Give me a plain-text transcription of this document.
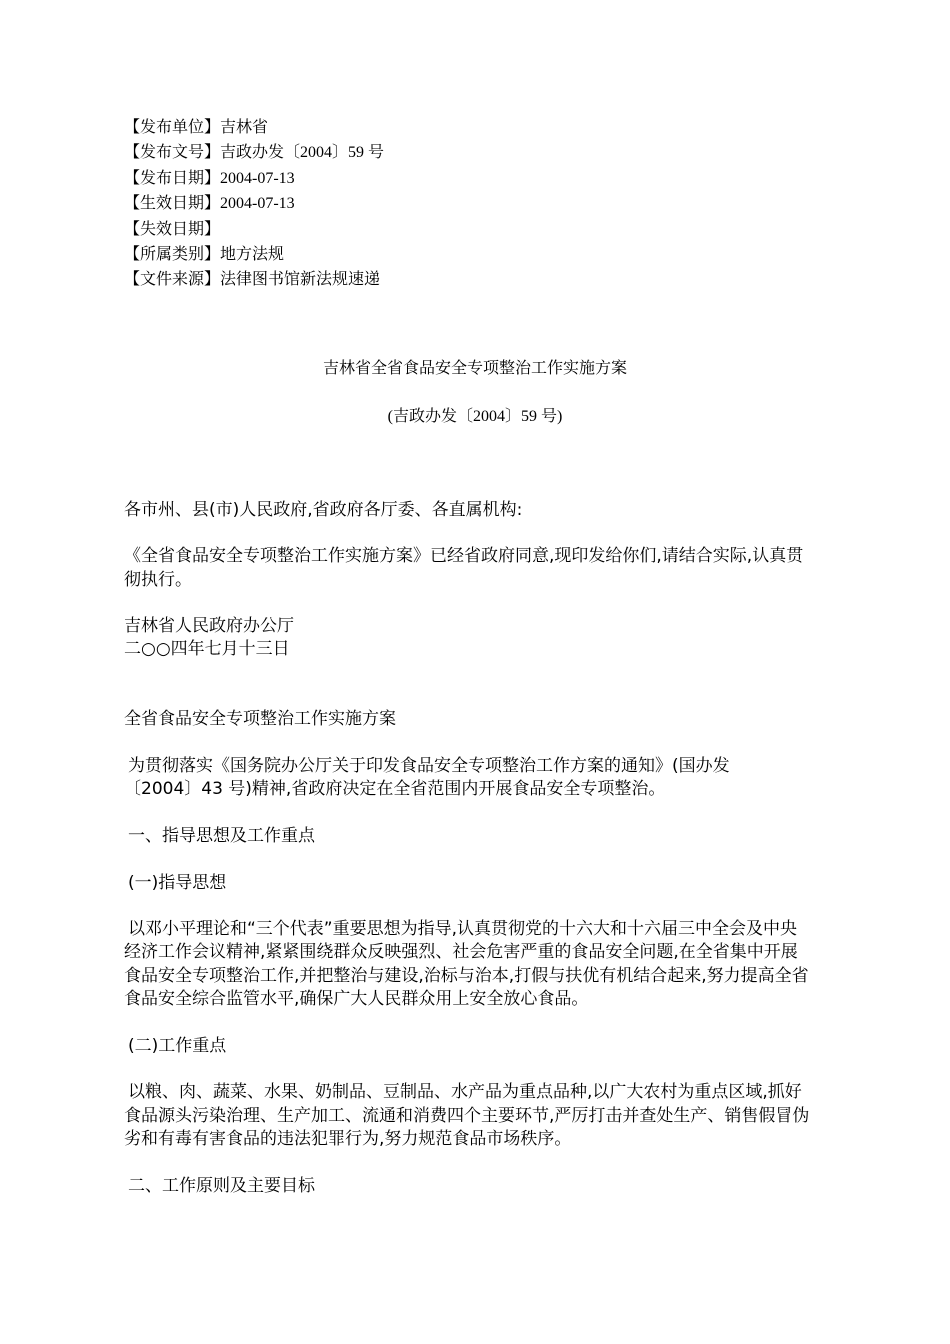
【发布单位】吉林省
【发布文号】吉政办发〔2004〕59 号
【发布日期】2004-07-13
【生效日期】2004-07-13
【失效日期】
【所属类别】地方法规
【文件来源】法律图书馆新法规速递
吉林省全省食品安全专项整治工作实施方案
(吉政办发〔2004〕59 号)
各市州、县(市)人民政府,省政府各厅委、各直属机构:
《全省食品安全专项整治工作实施方案》已经省政府同意,现印发给你们,请结合实际,认真贯
彻执行。
吉林省人民政府办公厅
二○○四年七月十三日
全省食品安全专项整治工作实施方案
为贯彻落实《国务院办公厅关于印发食品安全专项整治工作方案的通知》(国办发
〔2004〕43 号)精神,省政府决定在全省范围内开展食品安全专项整治。
一、指导思想及工作重点
(一)指导思想
以邓小平理论和“三个代表”重要思想为指导,认真贯彻党的十六大和十六届三中全会及中央
经济工作会议精神,紧紧围绕群众反映强烈、社会危害严重的食品安全问题,在全省集中开展
食品安全专项整治工作,并把整治与建设,治标与治本,打假与扶优有机结合起来,努力提高全省
食品安全综合监管水平,确保广大人民群众用上安全放心食品。
(二)工作重点
以粮、肉、蔬菜、水果、奶制品、豆制品、水产品为重点品种,以广大农村为重点区域,抓好
食品源头污染治理、生产加工、流通和消费四个主要环节,严厉打击并查处生产、销售假冒伪
劣和有毒有害食品的违法犯罪行为,努力规范食品市场秩序。
二、工作原则及主要目标
